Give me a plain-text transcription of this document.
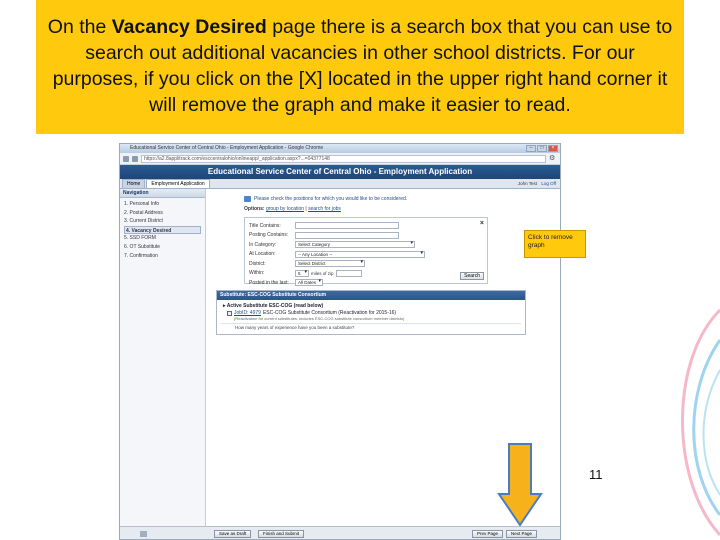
On the Vacancy Desired page there is a search box that you can use to search out additional vacancies in other school districts. For our purposes, if you click on the [X] located in the upper right hand corner it will remove the graph and make it easier to read.

Educational Service Center of Central Ohio - Employment Application - Google Chrome	–	□	×
https://a2.8applitrack.com/esccentralohio/onlineapp/_application.aspx?...=04377148	⚙
Educational Service Center of Central Ohio - Employment Application
Home	Employment Application	John Test Log Off
Navigation
1. Personal Info
2. Postal Address
3. Current District
4. Vacancy Desired
5. SSD FORM
6. OT Substitute
7. Confirmation
Please check the positions for which you would like to be considered.
Options: group by location | search for jobs
×
Title Contains:
Posting Contains:
In Category:	Select Category ▾
At Location:	-- Any Location -- ▾
District:	Select District ▾
Within:	5 ▾	miles of zip
Posted in the last:	All Dates ▾
Search
Substitute: ESC-COG Substitute Consortium
▸ Active Substitute ESC-COG (read below)
JobID: 4979 ESC-COG Substitute Consortium (Reactivation for 2015-16)
(Reactivation for current substitutes; includes ESC-COG substitute consortium member districts)
How many years of experience have you been a substitute?
Save as Draft	Finish and Submit	Prev Page	Next Page
Click to remove graph
11
